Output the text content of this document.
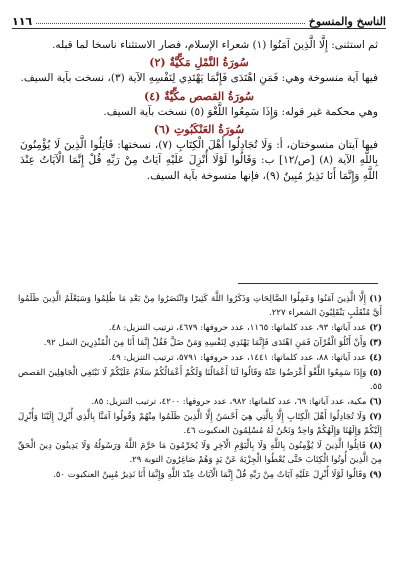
١١٦	الناسخ والمنسوخ

ثم استثنى: إِلَّا الَّذِينَ آمَنُوا (١) شعراء الإسلام، فصار الاستثناء ناسخا لما قبله.

سُورَةُ النَّمْلِ مَكِّيَّةٌ (٢)

فيها آية منسوخة وهي: فَمَنِ اهْتَدَى فَإِنَّمَا يَهْتَدِي لِنَفْسِهِ الآية (٣)، نسخت بآية السيف.

سُورَةُ القصص مكِّيَّةٌ (٤)

وهي محكمة غير قوله: وَإِذَا سَمِعُوا اللَّغْوَ (٥) نسخت بآية السيف.

سُورَةُ العَنْكَبُوتِ (٦)

فيها آيتان منسوختان، أ: وَلَا تُجَادِلُوا أَهْلَ الْكِتَابِ (٧)، نسختها: قَاتِلُوا الَّذِينَ لَا يُؤْمِنُونَ بِاللَّهِ الآية (٨) [ص/١٢] ب: وَقَالُوا لَوْلَا أُنْزِلَ عَلَيْهِ آيَاتٌ مِنْ رَبِّهِ قُلْ إِنَّمَا الْآيَاتُ عِنْدَ اللَّهِ وَإِنَّمَا أَنَا نَذِيرٌ مُبِينٌ (٩)، فإنها منسوخة بآية السيف.

(١) إِلَّا الَّذِينَ آمَنُوا وَعَمِلُوا الصَّالِحَاتِ وَذَكَرُوا اللَّهَ كَثِيرًا وَانْتَصَرُوا مِنْ بَعْدِ مَا ظُلِمُوا وَسَيَعْلَمُ الَّذِينَ ظَلَمُوا أَيَّ مُنْقَلَبٍ يَنْقَلِبُونَ الشعراء ٢٢٧.
(٢) عدد آياتها: ٩٣، عدد كلماتها: ١١٦٥، عدد حروفها: ٤٦٧٩، ترتيب التنزيل: ٤٨.
(٣) وَأَنْ أَتْلُوَ الْقُرْآنَ فَمَنِ اهْتَدَى فَإِنَّمَا يَهْتَدِي لِنَفْسِهِ وَمَنْ ضَلَّ فَقُلْ إِنَّمَا أَنَا مِنَ الْمُنْذِرِينَ النمل ٩٢.
(٤) عدد آياتها: ٨٨، عدد كلماتها: ١٤٤١، عدد حروفها: ٥٧٩١، ترتيب التنزيل: ٤٩.
(٥) وَإِذَا سَمِعُوا اللَّغْوَ أَعْرَضُوا عَنْهُ وَقَالُوا لَنَا أَعْمَالُنَا وَلَكُمْ أَعْمَالُكُمْ سَلَامٌ عَلَيْكُمْ لَا نَبْتَغِي الْجَاهِلِينَ القصص ٥٥.
(٦) مكية، عدد آياتها: ٦٩، عدد كلماتها: ٩٨٢، عدد حروفها: ٤٢٠٠، ترتيب التنزيل: ٨٥.
(٧) وَلَا تُجَادِلُوا أَهْلَ الْكِتَابِ إِلَّا بِالَّتِي هِيَ أَحْسَنُ إِلَّا الَّذِينَ ظَلَمُوا مِنْهُمْ وَقُولُوا آمَنَّا بِالَّذِي أُنْزِلَ إِلَيْنَا وَأُنْزِلَ إِلَيْكُمْ وَإِلَهُنَا وَإِلَهُكُمْ وَاحِدٌ وَنَحْنُ لَهُ مُسْلِمُونَ العنكبوت ٤٦.
(٨) قَاتِلُوا الَّذِينَ لَا يُؤْمِنُونَ بِاللَّهِ وَلَا بِالْيَوْمِ الْآخِرِ وَلَا يُحَرِّمُونَ مَا حَرَّمَ اللَّهُ وَرَسُولُهُ وَلَا يَدِينُونَ دِينَ الْحَقِّ مِنَ الَّذِينَ أُوتُوا الْكِتَابَ حَتَّى يُعْطُوا الْجِزْيَةَ عَنْ يَدٍ وَهُمْ صَاغِرُونَ التوبة ٢٩.
(٩) وَقَالُوا لَوْلَا أُنْزِلَ عَلَيْهِ آيَاتٌ مِنْ رَبِّهِ قُلْ إِنَّمَا الْآيَاتُ عِنْدَ اللَّهِ وَإِنَّمَا أَنَا نَذِيرٌ مُبِينٌ العنكبوت ٥٠.
